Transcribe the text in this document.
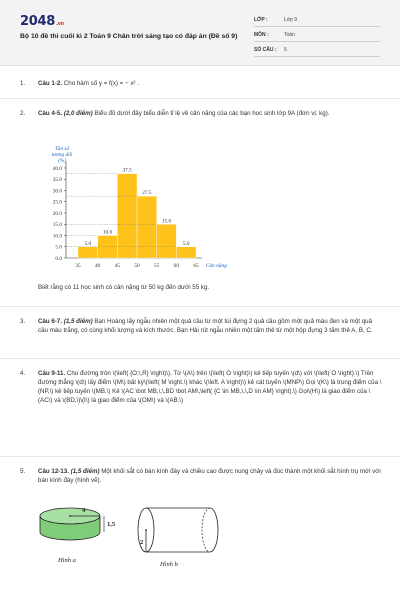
2048.vn
Bộ 10 đề thi cuối kì 2 Toán 9 Chân trời sáng tạo có đáp án (Đề số 9)
LỚP :	Lớp 9
MÔN :	Toán
SỐ CÂU :	5
1. Câu 1-2. Cho hàm số y = f(x) = − x² .
2. Câu 4-5. (2,0 điểm) Biểu đồ dưới đây biểu diễn tỉ lệ về cân nặng của các bạn học sinh lớp 9A (đơn vị: kg).
Tần số
tương đối
(%)
0.0
5.0
10.0
15.0
20.0
25.0
30.0
35.0
40.0
5.0
10.0
37.5
27.5
15.0
5.0
35	40	45	50	55	60	65 Cân nặng
Biết rằng có 11 học sinh có cân nặng từ 50 kg đến dưới 55 kg.
3. Câu 6-7. (1,5 điểm) Bạn Hoàng lấy ngẫu nhiên một quả cầu từ một túi đựng 2 quả cầu gồm một quả màu đen và một quả cầu màu trắng, có cùng khối lượng và kích thước. Bạn Hải rút ngẫu nhiên một tấm thẻ từ một hộp đựng 3 tấm thẻ A, B, C.
4. Câu 9-11. Cho đường tròn \(\left( {O;\,R} \right)\). Từ \(A\) trên \(\left( O \right)\) kẻ tiếp tuyến \(d\) với \(\left( O \right).\) Trên đường thẳng \(d\) lấy điểm \(M\) bất kỳ\(\left( M \right.\) khác \(\left. A \right)\) kẻ cát tuyến \(MNP\) Gọi \(K\) là trung điểm của \(NP,\) kẻ tiếp tuyến \(MB.\) Kẻ \(AC \bot MB,\,\,BD \bot AM\,\left( {C \in MB,\,\,D \in AM} \right).\) Gọi\(H\) là giao điểm của \(AC\) và \(BD,\)\(I\) là giao điểm của \(OM\) và \(AB.\)
5. Câu 12-13. (1,5 điểm) Một khối sắt có bán kính đáy và chiều cao được nung chảy và đúc thành một khối sắt hình trụ mới với bán kính đáy (hình vẽ).
4
1,5
Hình a
2
Hình b
